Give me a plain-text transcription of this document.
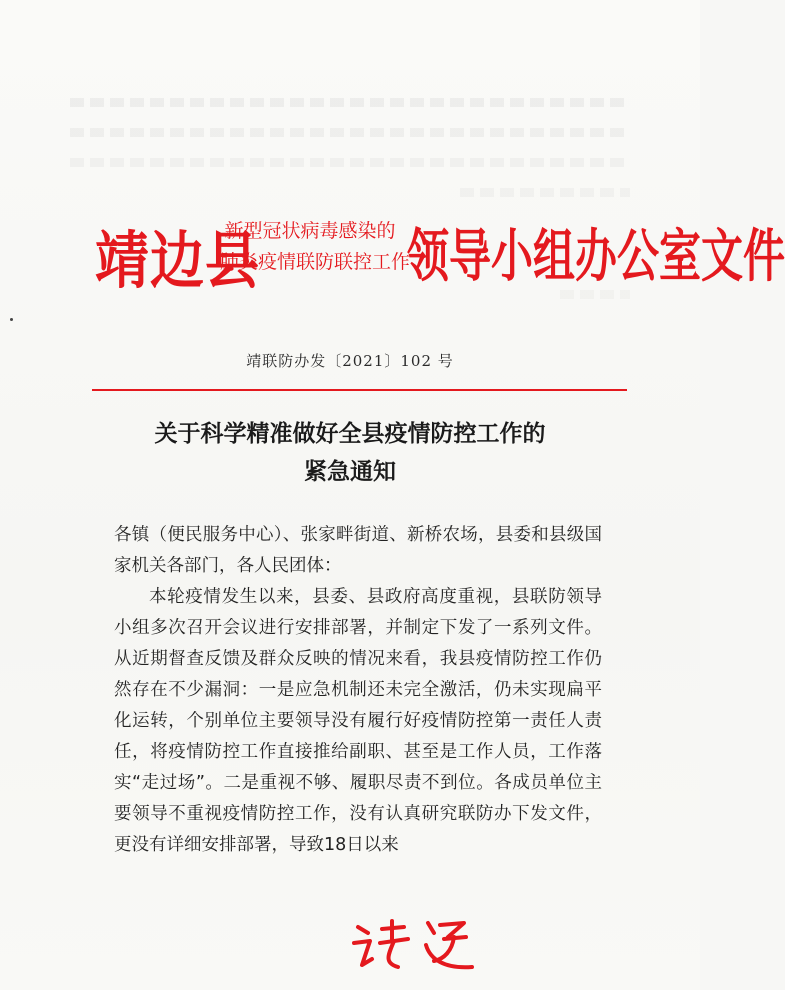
靖边县
新型冠状病毒感染的
肺炎疫情联防联控工作
领导小组办公室文件
靖联防办发〔2021〕102 号
关于科学精准做好全县疫情防控工作的
紧急通知

各镇（便民服务中心）、张家畔街道、新桥农场，县委和县级国家机关各部门，各人民团体：

本轮疫情发生以来，县委、县政府高度重视，县联防领导小组多次召开会议进行安排部署，并制定下发了一系列文件。从近期督查反馈及群众反映的情况来看，我县疫情防控工作仍然存在不少漏洞：一是应急机制还未完全激活，仍未实现扁平化运转，个别单位主要领导没有履行好疫情防控第一责任人责任，将疫情防控工作直接推给副职、甚至是工作人员，工作落实“走过场”。二是重视不够、履职尽责不到位。各成员单位主要领导不重视疫情防控工作，没有认真研究联防办下发文件，更没有详细安排部署，导致18日以来
